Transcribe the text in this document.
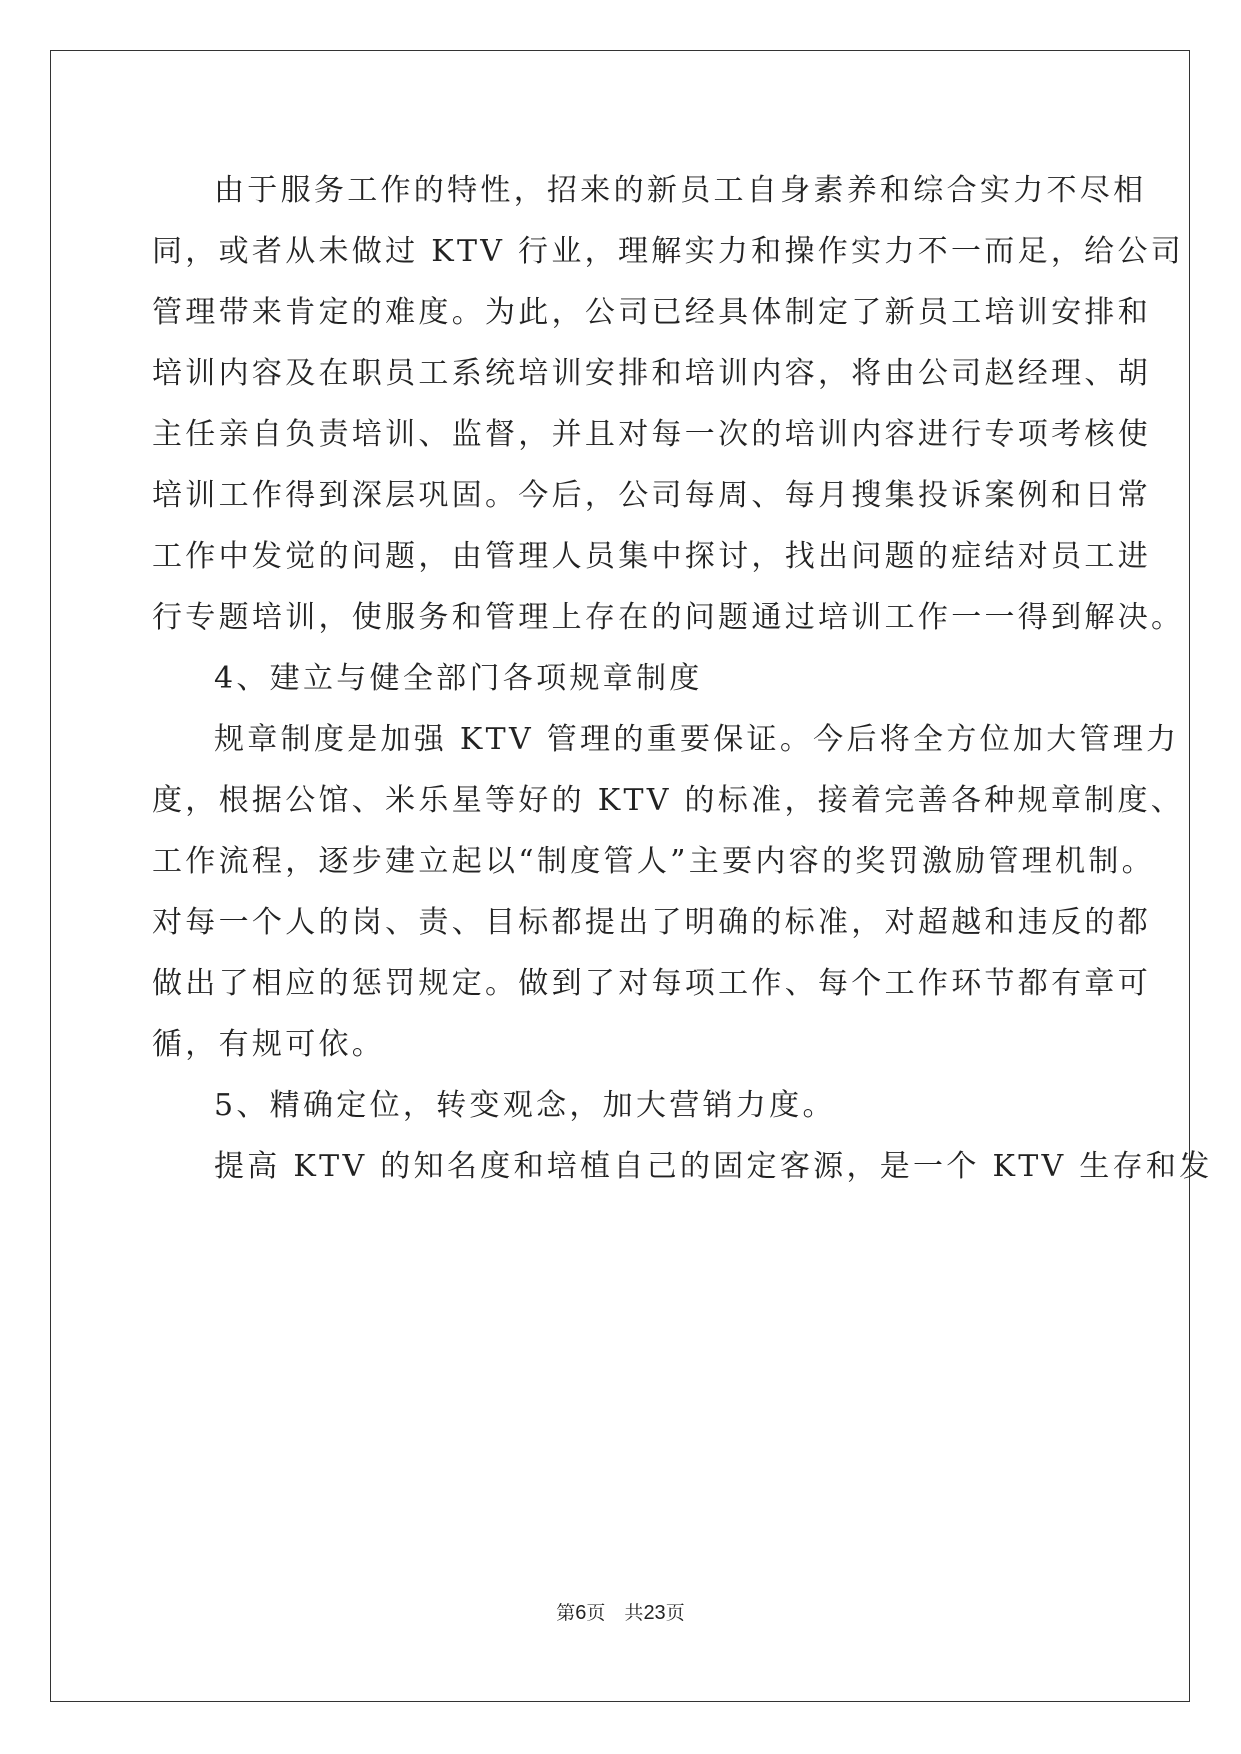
由于服务工作的特性，招来的新员工自身素养和综合实力不尽相
同，或者从未做过 KTV 行业，理解实力和操作实力不一而足，给公司
管理带来肯定的难度。为此，公司已经具体制定了新员工培训安排和
培训内容及在职员工系统培训安排和培训内容，将由公司赵经理、胡
主任亲自负责培训、监督，并且对每一次的培训内容进行专项考核使
培训工作得到深层巩固。今后，公司每周、每月搜集投诉案例和日常
工作中发觉的问题，由管理人员集中探讨，找出问题的症结对员工进
行专题培训，使服务和管理上存在的问题通过培训工作一一得到解决。
4、建立与健全部门各项规章制度
规章制度是加强 KTV 管理的重要保证。今后将全方位加大管理力
度，根据公馆、米乐星等好的 KTV 的标准，接着完善各种规章制度、
工作流程，逐步建立起以“制度管人”主要内容的奖罚激励管理机制。
对每一个人的岗、责、目标都提出了明确的标准，对超越和违反的都
做出了相应的惩罚规定。做到了对每项工作、每个工作环节都有章可
循，有规可依。
5、精确定位，转变观念，加大营销力度。
提高 KTV 的知名度和培植自己的固定客源，是一个 KTV 生存和发
第6页　共23页
